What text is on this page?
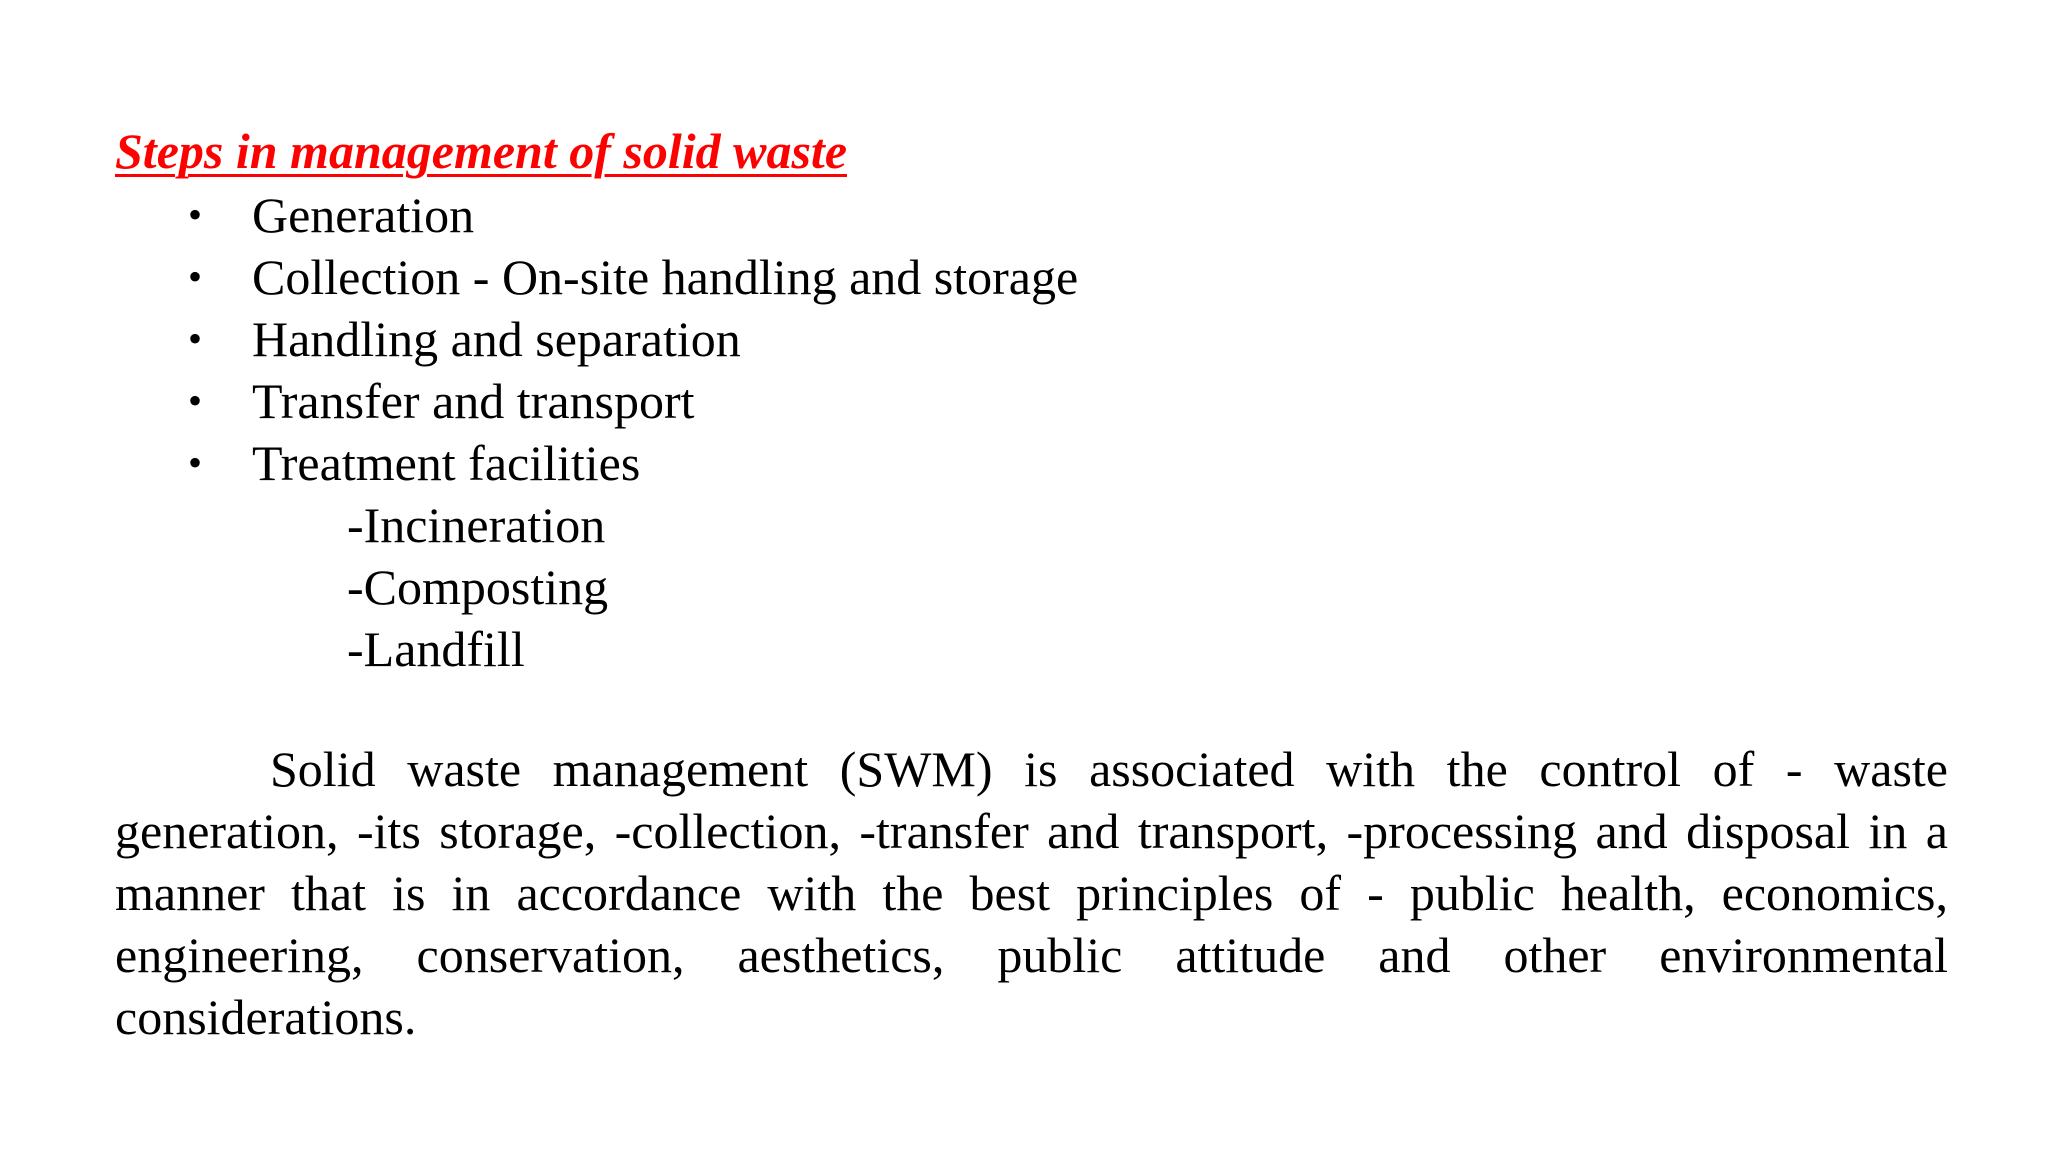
Steps in management of solid waste
• Generation
• Collection - On-site handling and storage
• Handling and separation
• Transfer and transport
• Treatment facilities
-Incineration
-Composting
-Landfill

Solid waste management (SWM) is associated with the control of - waste generation, -its storage, -collection, -transfer and transport, -processing and disposal in a manner that is in accordance with the best principles of - public health, economics, engineering, conservation, aesthetics, public attitude and other environmental considerations.
